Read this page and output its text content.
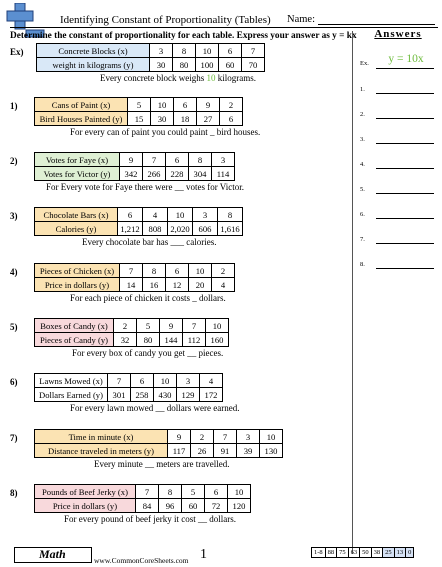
Identifying Constant of Proportionality (Tables) Name:
Determine the constant of proportionality for each table. Express your answer as y = kx	Answers
Ex)	Concrete Blocks (x)	3	8	10	6	7
weight in kilograms (y)	30	80	100	60	70
Every concrete block weighs 10 kilograms.
1)	Cans of Paint (x)	5	10	6	9	2
Bird Houses Painted (y)	15	30	18	27	6
For every can of paint you could paint _ bird houses.
2)	Votes for Faye (x)	9	7	6	8	3
Votes for Victor (y)	342	266	228	304	114
For Every vote for Faye there were __ votes for Victor.
3)	Chocolate Bars (x)	6	4	10	3	8
Calories (y)	1,212	808	2,020	606	1,616
Every chocolate bar has ___ calories.
4)	Pieces of Chicken (x)	7	8	6	10	2
Price in dollars (y)	14	16	12	20	4
For each piece of chicken it costs _ dollars.
5)	Boxes of Candy (x)	2	5	9	7	10
Pieces of Candy (y)	32	80	144	112	160
For every box of candy you get __ pieces.
6)	Lawns Mowed (x)	7	6	10	3	4
Dollars Earned (y)	301	258	430	129	172
For every lawn mowed __ dollars were earned.
7)	Time in minute (x)	9	2	7	3	10
Distance traveled in meters (y)	117	26	91	39	130
Every minute __ meters are travelled.
8)	Pounds of Beef Jerky (x)	7	8	5	6	10
Price in dollars (y)	84	96	60	72	120
For every pound of beef jerky it cost __ dollars.
Ex.	y = 10x
1.
2.
3.
4.
5.
6.
7.
8.
Math	www.CommonCoreSheets.com 1	1-8	88	75	63	50	38	25	13	0
